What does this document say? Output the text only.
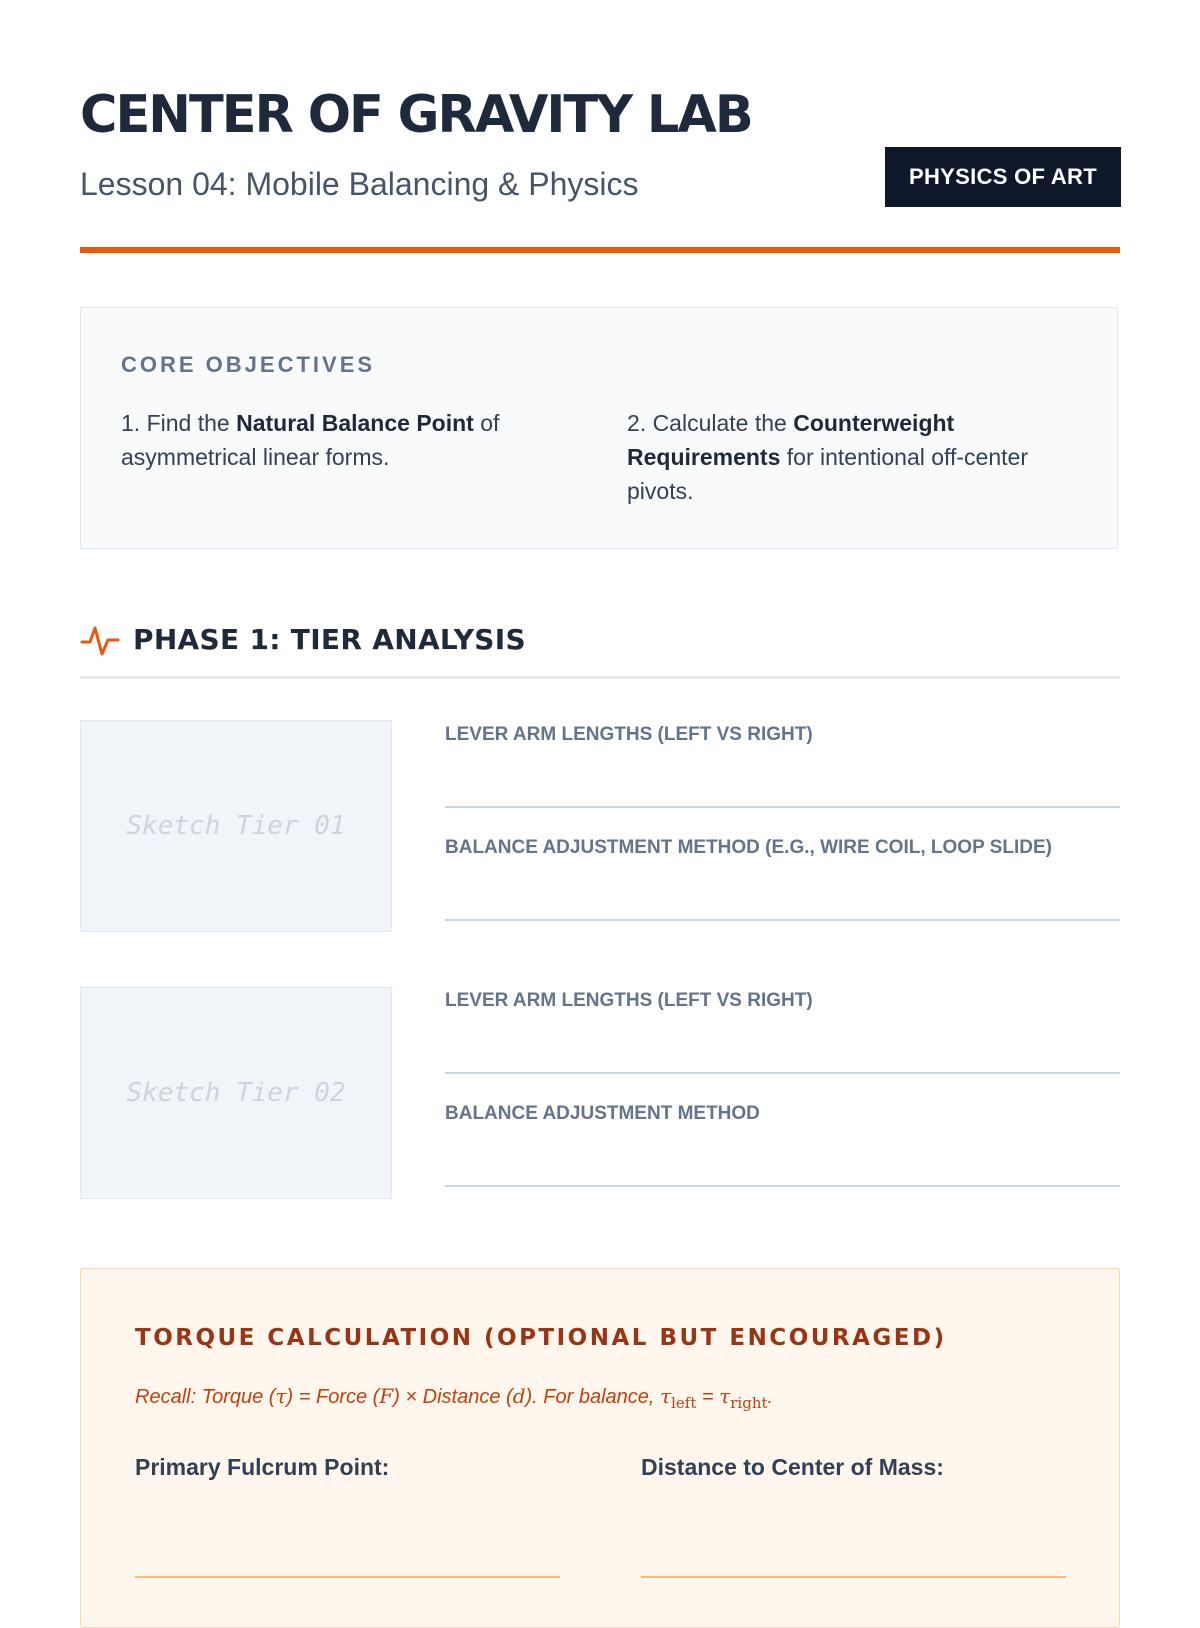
CENTER OF GRAVITY LAB
Lesson 04: Mobile Balancing & Physics	PHYSICS OF ART
CORE OBJECTIVES
1. Find the Natural Balance Point of asymmetrical linear forms.
2. Calculate the Counterweight Requirements for intentional off-center pivots.
PHASE 1: TIER ANALYSIS
Sketch Tier 01
LEVER ARM LENGTHS (LEFT VS RIGHT)
BALANCE ADJUSTMENT METHOD (E.G., WIRE COIL, LOOP SLIDE)
Sketch Tier 02
LEVER ARM LENGTHS (LEFT VS RIGHT)
BALANCE ADJUSTMENT METHOD
TORQUE CALCULATION (OPTIONAL BUT ENCOURAGED)
Recall: Torque (τ) = Force (F) × Distance (d). For balance, $\tau_{left} = \tau_{right}$.
Primary Fulcrum Point:	Distance to Center of Mass:
